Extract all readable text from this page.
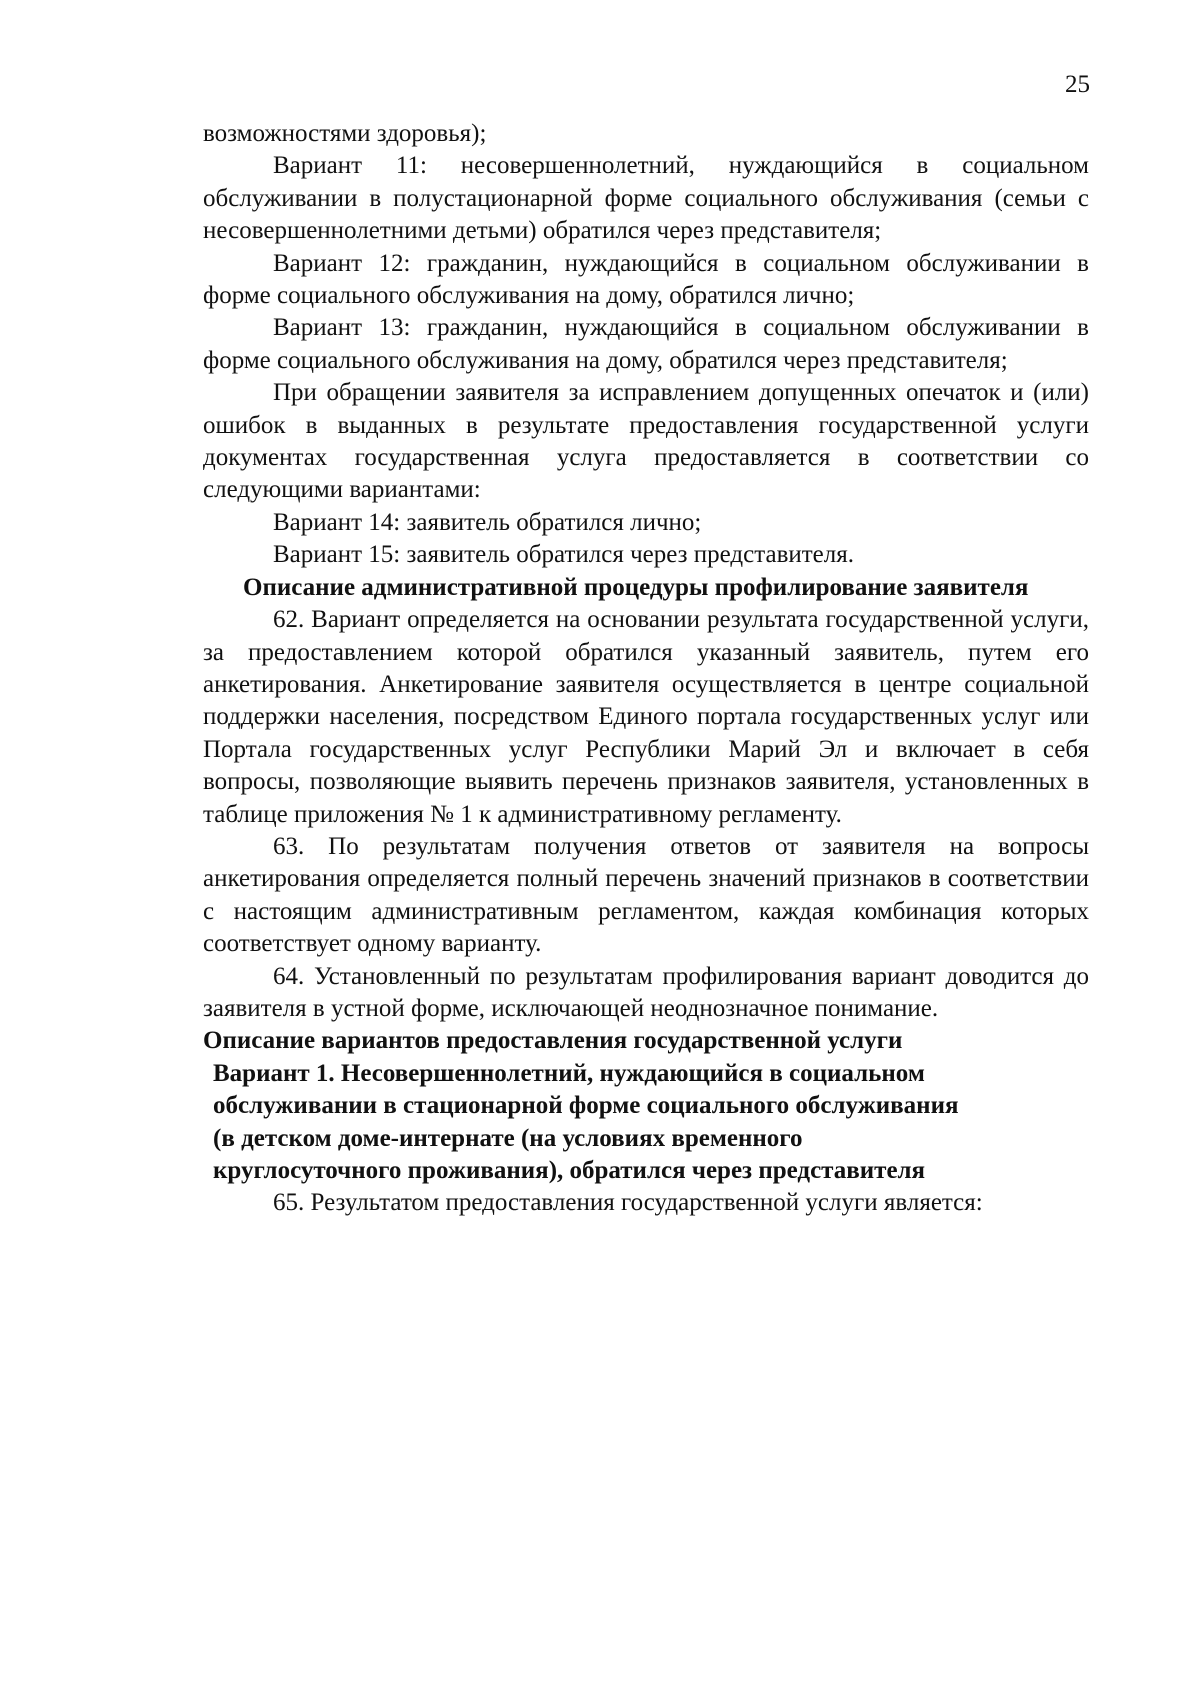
25

возможностями здоровья);

Вариант 11: несовершеннолетний, нуждающийся в социальном обслуживании в полустационарной форме социального обслуживания (семьи с несовершеннолетними детьми) обратился через представителя;

Вариант 12: гражданин, нуждающийся в социальном обслуживании в форме социального обслуживания на дому, обратился лично;

Вариант 13: гражданин, нуждающийся в социальном обслуживании в форме социального обслуживания на дому, обратился через представителя;

При обращении заявителя за исправлением допущенных опечаток и (или) ошибок в выданных в результате предоставления государственной услуги документах государственная услуга предоставляется в соответствии со следующими вариантами:

Вариант 14: заявитель обратился лично;

Вариант 15: заявитель обратился через представителя.

Описание административной процедуры профилирование заявителя

62. Вариант определяется на основании результата государственной услуги, за предоставлением которой обратился указанный заявитель, путем его анкетирования. Анкетирование заявителя осуществляется в центре социальной поддержки населения, посредством Единого портала государственных услуг или Портала государственных услуг Республики Марий Эл и включает в себя вопросы, позволяющие выявить перечень признаков заявителя, установленных в таблице приложения № 1 к административному регламенту.

63. По результатам получения ответов от заявителя на вопросы анкетирования определяется полный перечень значений признаков в соответствии с настоящим административным регламентом, каждая комбинация которых соответствует одному варианту.

64. Установленный по результатам профилирования вариант доводится до заявителя в устной форме, исключающей неоднозначное понимание.

Описание вариантов предоставления государственной услуги

Вариант 1. Несовершеннолетний, нуждающийся в социальном
обслуживании в стационарной форме социального обслуживания
(в детском доме-интернате (на условиях временного
круглосуточного проживания), обратился через представителя

65. Результатом предоставления государственной услуги является:
